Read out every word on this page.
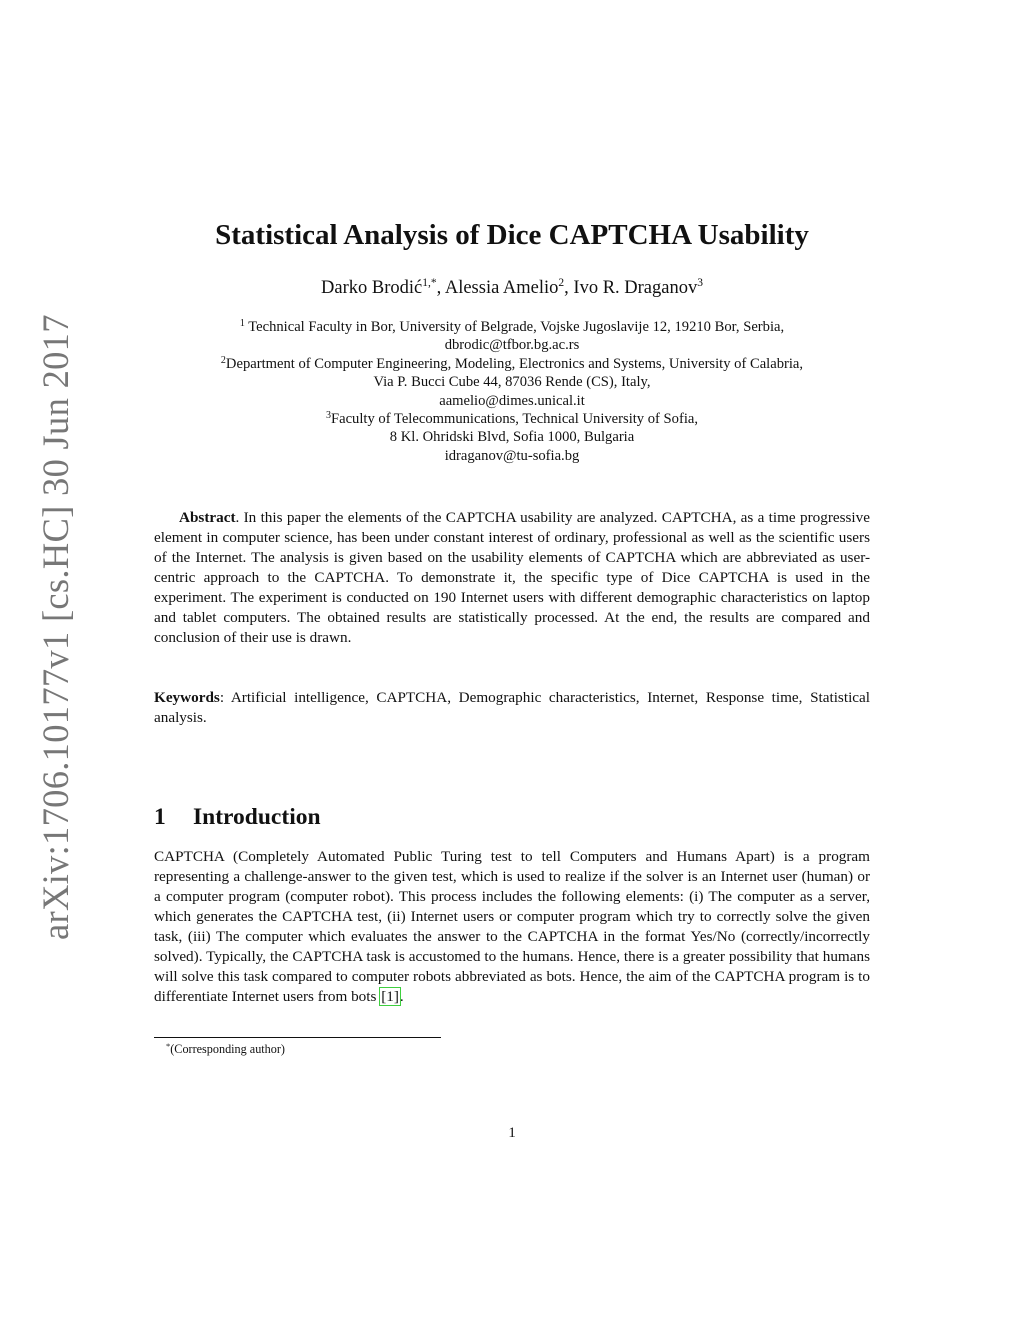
arXiv:1706.10177v1 [cs.HC] 30 Jun 2017
Statistical Analysis of Dice CAPTCHA Usability
Darko Brodić$^{1,*}$, Alessia Amelio$^2$, Ivo R. Draganov$^3$
$^1$ Technical Faculty in Bor, University of Belgrade, Vojske Jugoslavije 12, 19210 Bor, Serbia,
dbrodic@tfbor.bg.ac.rs
$^2$Department of Computer Engineering, Modeling, Electronics and Systems, University of Calabria,
Via P. Bucci Cube 44, 87036 Rende (CS), Italy,
aamelio@dimes.unical.it
$^3$Faculty of Telecommunications, Technical University of Sofia,
8 Kl. Ohridski Blvd, Sofia 1000, Bulgaria
idraganov@tu-sofia.bg

Abstract. In this paper the elements of the CAPTCHA usability are analyzed. CAPTCHA, as a time progressive element in computer science, has been under constant interest of ordinary, professional as well as the scientific users of the Internet. The analysis is given based on the usability elements of CAPTCHA which are abbreviated as user-centric approach to the CAPTCHA. To demonstrate it, the specific type of Dice CAPTCHA is used in the experiment. The experiment is conducted on 190 Internet users with different demographic characteristics on laptop and tablet computers. The obtained results are statistically processed. At the end, the results are compared and conclusion of their use is drawn.

Keywords: Artificial intelligence, CAPTCHA, Demographic characteristics, Internet, Response time, Statistical analysis.

1 Introduction

CAPTCHA (Completely Automated Public Turing test to tell Computers and Humans Apart) is a program representing a challenge-answer to the given test, which is used to realize if the solver is an Internet user (human) or a computer program (computer robot). This process includes the following elements: (i) The computer as a server, which generates the CAPTCHA test, (ii) Internet users or computer program which try to correctly solve the given task, (iii) The computer which evaluates the answer to the CAPTCHA in the format Yes/No (correctly/incorrectly solved). Typically, the CAPTCHA task is accustomed to the humans. Hence, there is a greater possibility that humans will solve this task compared to computer robots abbreviated as bots. Hence, the aim of the CAPTCHA program is to differentiate Internet users from bots [1].

*(Corresponding author)
1
